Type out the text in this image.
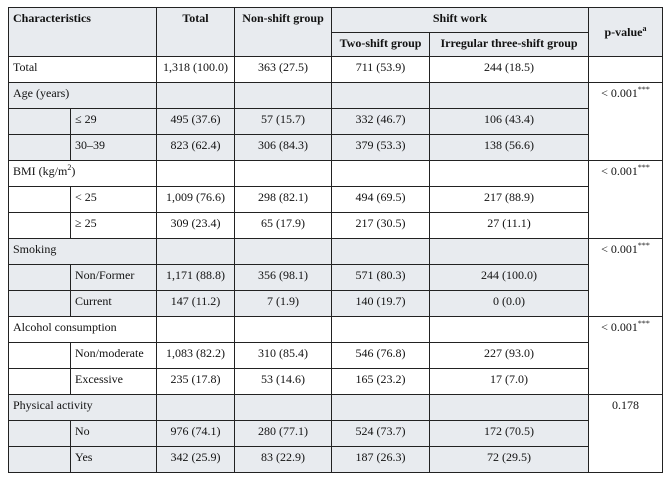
Characteristics		Total	Non-shift group	Shift work		p-value$^a$
				Two-shift group	Irregular three-shift group	
Total		1,318 (100.0)	363 (27.5)	711 (53.9)	244 (18.5)	
Age (years)						< 0.001***
	≤ 29	495 (37.6)	57 (15.7)	332 (46.7)	106 (43.4)	
	30–39	823 (62.4)	306 (84.3)	379 (53.3)	138 (56.6)	
BMI $(kg/m^2)$						< 0.001***
	< 25	1,009 (76.6)	298 (82.1)	494 (69.5)	217 (88.9)	
	≥ 25	309 (23.4)	65 (17.9)	217 (30.5)	27 (11.1)	
Smoking						< 0.001***
	Non/Former	1,171 (88.8)	356 (98.1)	571 (80.3)	244 (100.0)	
	Current	147 (11.2)	7 (1.9)	140 (19.7)	0 (0.0)	
Alcohol consumption						< 0.001***
	Non/moderate	1,083 (82.2)	310 (85.4)	546 (76.8)	227 (93.0)	
	Excessive	235 (17.8)	53 (14.6)	165 (23.2)	17 (7.0)	
Physical activity						0.178
	No	976 (74.1)	280 (77.1)	524 (73.7)	172 (70.5)	
	Yes	342 (25.9)	83 (22.9)	187 (26.3)	72 (29.5)	
